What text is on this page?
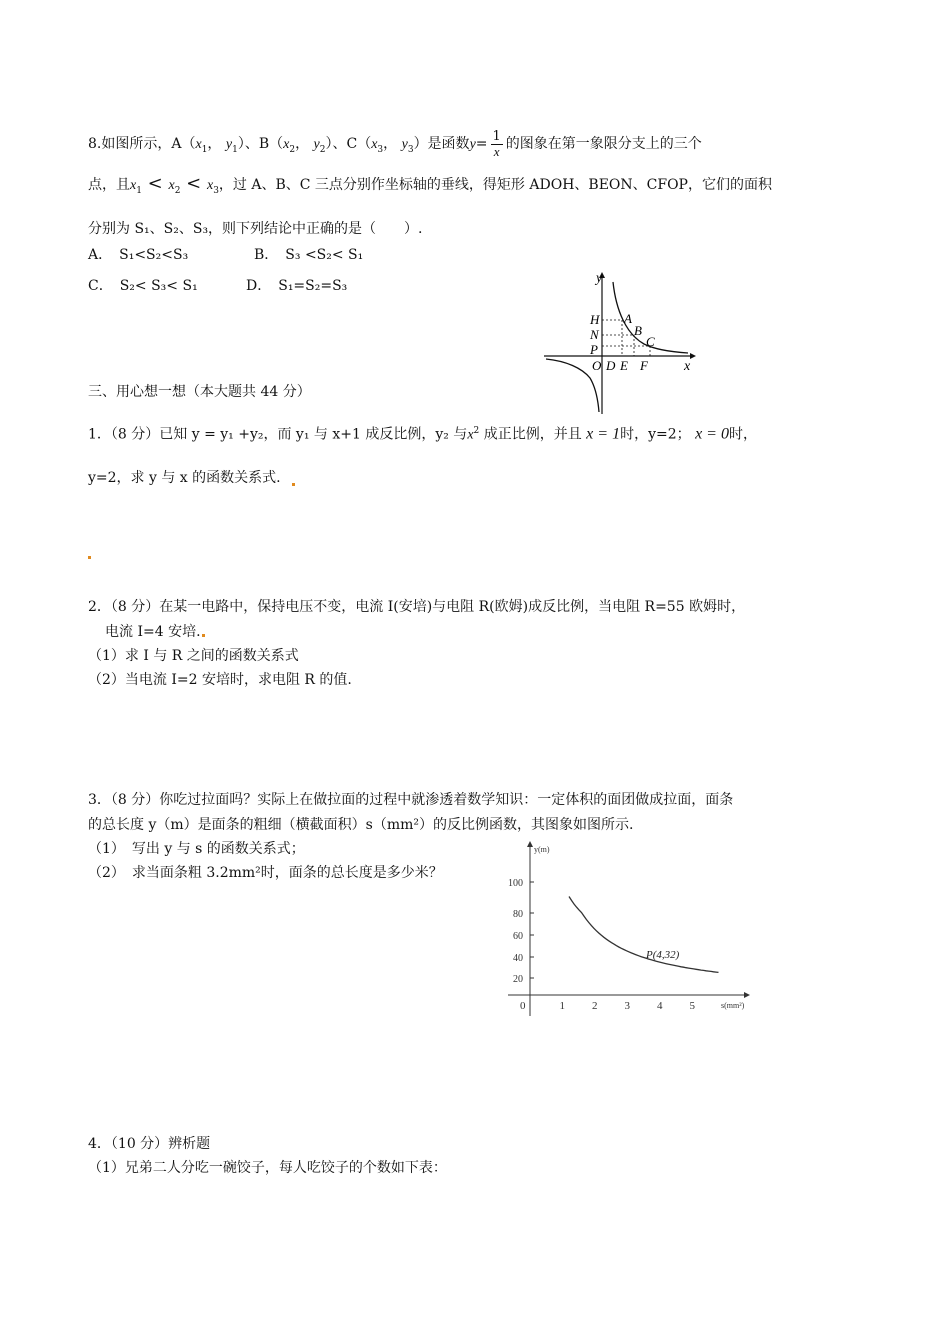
8.如图所示，$A(x_1$， $y_1$）、$B(x_2$， $y_2$）、$C(x_3$， $y_3$）是函数$y= \frac{1}{x}$ 的图象在第一象限分支上的三个
点，且$x_1 < x_2 < x_3$，过 A、B、C 三点分别作坐标轴的垂线，得矩形 ADOH、BEON、CFOP，它们的面积
分别为 S₁、S₂、S₃，则下列结论中正确的是（　　）.
A．　S₁<S₂<S₃	B．　S₃ <S₂< S₁
C．　S₂< S₃< S₁	D．　S₁=S₂=S₃	y
x
H
N
P
A
B
C
O D E F
三、用心想一想（本大题共 44 分）
1．（8 分）已知 y = y₁ +y₂，而 y₁ 与 x+1 成反比例，y₂ 与$x^2$ 成正比例，并且 x = 1时，y=2； x = 0时，
y=2，求 y 与 x 的函数关系式.
2．（8 分）在某一电路中，保持电压不变，电流 I(安培)与电阻 R(欧姆)成反比例，当电阻 R=55 欧姆时，
电流 I=4 安培.
（1）求 I 与 R 之间的函数关系式
（2）当电流 I=2 安培时，求电阻 R 的值.
3．（8 分）你吃过拉面吗？实际上在做拉面的过程中就渗透着数学知识：一定体积的面团做成拉面，面条
的总长度 y（m）是面条的粗细（横截面积）s（mm²）的反比例函数，其图象如图所示.
（1）　写出 y 与 s 的函数关系式；
（2）　求当面条粗 3.2mm²时，面条的总长度是多少米？
y(m)
s(mm²)
0	1 2 3 4 5
20
40
60
80
100
P(4,32)
4．（10 分）辨析题
（1）兄弟二人分吃一碗饺子，每人吃饺子的个数如下表：
